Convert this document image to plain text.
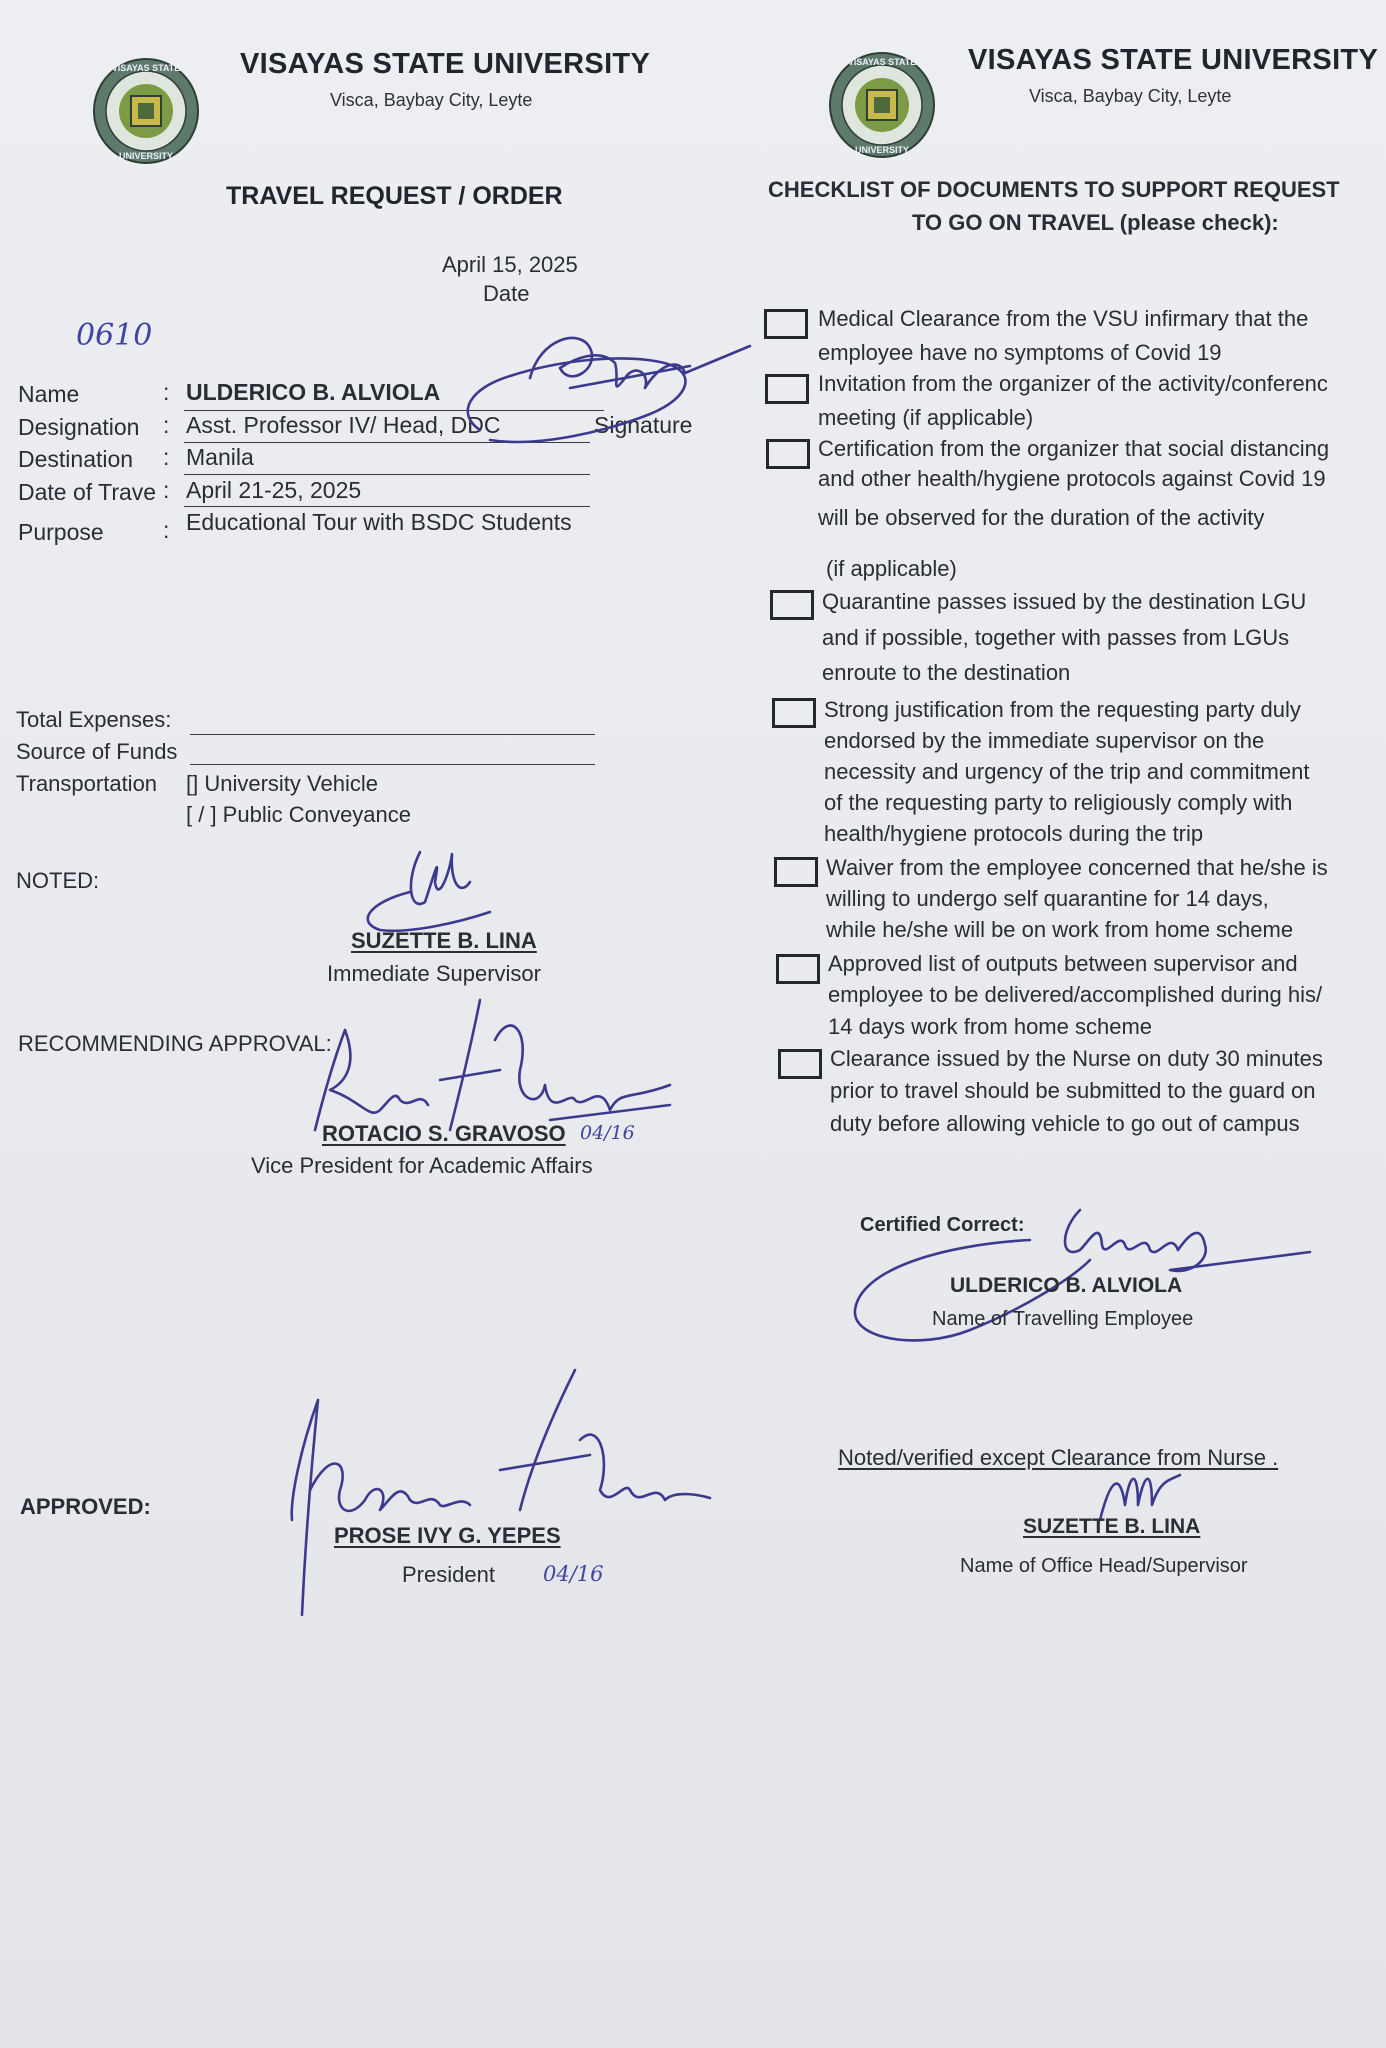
VISAYAS STATE
UNIVERSITY
VISAYAS STATE UNIVERSITY
Visca, Baybay City, Leyte
TRAVEL REQUEST / ORDER
April 15, 2025
Date
0610
Name	: ULDERICO B. ALVIOLA
Designation : Asst. Professor IV/ Head, DDC	Signature
Destination : Manila
Date of Trave : April 21-25, 2025
Purpose	: Educational Tour with BSDC Students
Total Expenses:
Source of Funds
Transportation [] University Vehicle
[ / ] Public Conveyance
NOTED:
SUZETTE B. LINA
Immediate Supervisor
RECOMMENDING APPROVAL:
ROTACIO S. GRAVOSO 04/16
Vice President for Academic Affairs
APPROVED:
PROSE IVY G. YEPES
President 04/16
VISAYAS STATE
UNIVERSITY
VISAYAS STATE UNIVERSITY
Visca, Baybay City, Leyte
CHECKLIST OF DOCUMENTS TO SUPPORT REQUEST
TO GO ON TRAVEL (please check):
Medical Clearance from the VSU infirmary that the
employee have no symptoms of Covid 19
Invitation from the organizer of the activity/conferenc
meeting (if applicable)
Certification from the organizer that social distancing
and other health/hygiene protocols against Covid 19
will be observed for the duration of the activity
(if applicable)
Quarantine passes issued by the destination LGU
and if possible, together with passes from LGUs
enroute to the destination
Strong justification from the requesting party duly
endorsed by the immediate supervisor on the
necessity and urgency of the trip and commitment
of the requesting party to religiously comply with
health/hygiene protocols during the trip
Waiver from the employee concerned that he/she is
willing to undergo self quarantine for 14 days,
while he/she will be on work from home scheme
Approved list of outputs between supervisor and
employee to be delivered/accomplished during his/
14 days work from home scheme
Clearance issued by the Nurse on duty 30 minutes
prior to travel should be submitted to the guard on
duty before allowing vehicle to go out of campus
Certified Correct:
ULDERICO B. ALVIOLA
Name of Travelling Employee
Noted/verified except Clearance from Nurse .
SUZETTE B. LINA
Name of Office Head/Supervisor
